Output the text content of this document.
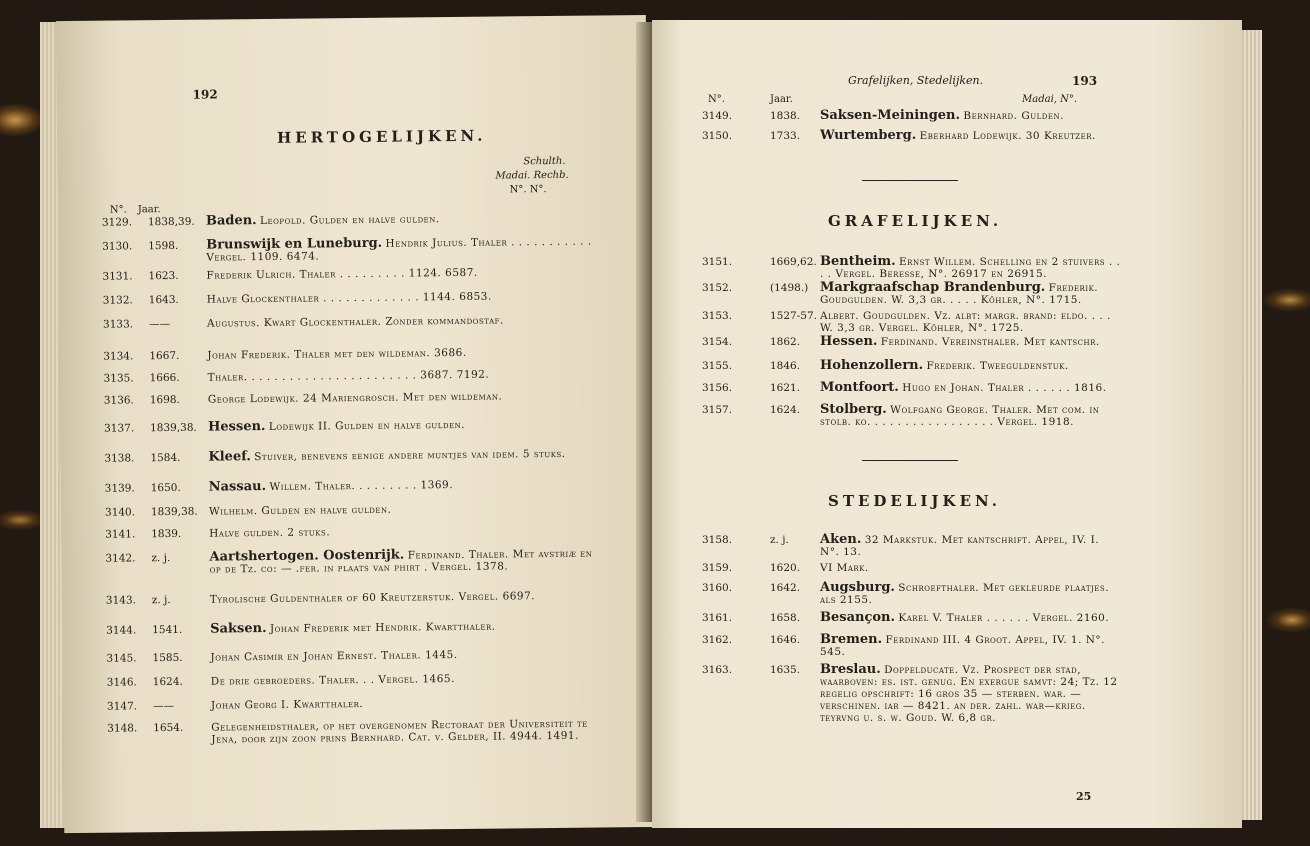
192
HERTOGELIJKEN.
Schulth.
Madai. Rechb.
N°. N°.
N°. Jaar.
3129.	1838,39. Baden. Leopold. Gulden en halve gulden.
3130.	1598. Brunswijk en Luneburg. Hendrik Julius. Thaler . . . . . . . . . . . Vergel. 1109. 6474.
3131.	1623.	Frederik Ulrich. Thaler . . . . . . . . . 1124. 6587.
3132.	1643.	Halve Glockenthaler . . . . . . . . . . . . . 1144. 6853.
3133.	——	Augustus. Kwart Glockenthaler. Zonder kommandostaf.
3134.	1667.	Johan Frederik. Thaler met den wildeman. 3686.
3135.	1666.	Thaler. . . . . . . . . . . . . . . . . . . . . . . 3687. 7192.
3136.	1698.	George Lodewijk. 24 Mariengrosch. Met den wildeman.
3137.	1839,38. Hessen. Lodewijk II. Gulden en halve gulden.
3138.	1584. Kleef. Stuiver, benevens eenige andere muntjes van idem. 5 stuks.
3139.	1650. Nassau. Willem. Thaler. . . . . . . . . 1369.
3140.	1839,38. Wilhelm. Gulden en halve gulden.
3141.	1839.	Halve gulden. 2 stuks.
3142.	z. j.	Aartshertogen. Oostenrijk. Ferdinand. Thaler. Met avstriæ en op de Tz. co: — .fer. in plaats van phirt . Vergel. 1378.
3143.	z. j.	Tyrolische Guldenthaler of 60 Kreutzerstuk. Vergel. 6697.
3144.	1541. Saksen. Johan Frederik met Hendrik. Kwartthaler.
3145.	1585.	Johan Casimir en Johan Ernest. Thaler. 1445.
3146.	1624.	De drie gebroeders. Thaler. . . Vergel. 1465.
3147.	——	Johan Georg I. Kwartthaler.
3148.	1654.	Gelegenheidsthaler, op het overgenomen Rectoraat der Universiteit te Jena, door zijn zoon prins Bernhard. Cat. v. Gelder, II. 4944. 1491.
Grafelijken, Stedelijken.	193
N°.	Jaar.	Madai, N°.
3149.	1838. Saksen-Meiningen. Bernhard. Gulden.
3150.	1733. Wurtemberg. Eberhard Lodewijk. 30 Kreutzer.
GRAFELIJKEN.
3151.	1669,62. Bentheim. Ernst Willem. Schelling en 2 stuivers . . . . Vergel. Beresse, N°. 26917 en 26915.
3152.	(1498.) Markgraafschap Brandenburg. Frederik. Goudgulden. W. 3,3 gr. . . . . Köhler, N°. 1715.
3153.	1527-57. Albert. Goudgulden. Vz. albt: margr. brand: eldo. . . . W. 3,3 gr. Vergel. Köhler, N°. 1725.
3154.	1862. Hessen. Ferdinand. Vereinsthaler. Met kantschr.
3155.	1846. Hohenzollern. Frederik. Tweeguldenstuk.
3156.	1621. Montfoort. Hugo en Johan. Thaler . . . . . . 1816.
3157.	1624. Stolberg. Wolfgang George. Thaler. Met com. in stolb. ko. . . . . . . . . . . . . . . . . Vergel. 1918.
STEDELIJKEN.
3158.	z. j. Aken. 32 Markstuk. Met kantschrift. Appel, IV. I. N°. 13.
3159.	1620. VI Mark.
3160.	1642. Augsburg. Schroefthaler. Met gekleurde plaatjes. als 2155.
3161.	1658. Besançon. Karel V. Thaler . . . . . . Vergel. 2160.
3162.	1646. Bremen. Ferdinand III. 4 Groot. Appel, IV. 1. N°. 545.
3163.	1635. Breslau. Doppelducate. Vz. Prospect der stad, waarboven: es. ist. genug. En exergue samvt: 24; Tz. 12 regelig opschrift: 16 gros 35 — sterben. war. — verschinen. iar — 8421. an der. zahl. war—krieg. teyrvng u. s. w. Goud. W. 6,8 gr.
25
